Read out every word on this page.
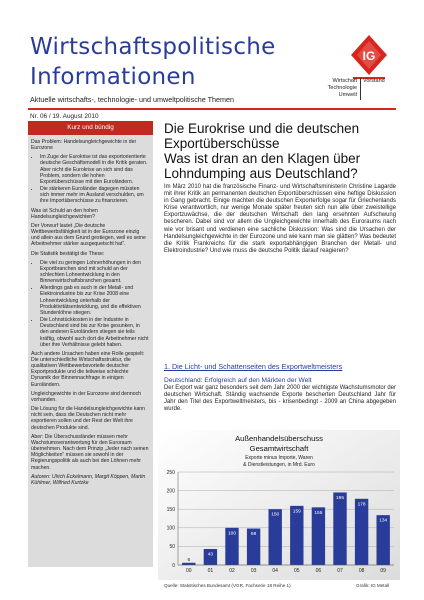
Wirtschaftspolitische
Informationen
Aktuelle wirtschafts-, technologie- und umweltpolitische Themen
IG
Wirtschaft
Technologie
Umwelt
Vorstand
Nr. 06 / 19. August 2010
Kurz und bündig

Das Problem: Handelsungleichgewichte in der Eurozone

• Im Zuge der Eurokrise ist das exportorientierte deutsche Geschäftsmodell in die Kritik geraten. Aber nicht die Eurokrise an sich sind das Problem, sondern die hohen Exportüberschüsse mit den Euroländern.
• Die stärkeren Euroländer dagegen müssten sich immer mehr im Ausland verschulden, um ihre Importüberschüsse zu finanzieren.

Was ist Schuld an den hohen Handelsungleichgewichten?

Der Vorwurf lautet „Die deutsche Wettbewerbsfähigkeit ist in der Eurozone einzig und allein aus dem Grund gestiegen, weil es seine Arbeitnehmer stärker ausgequetscht hat“.

Die Statistik bestätigt die These:

• Die viel zu geringen Lohnerhöhungen in den Exportbranchen sind mit schuld an der schlechten Lohnentwicklung in den Binnenwirtschaftsbranchen gesamt.
• Allerdings gab es auch in der Metall- und Elektroindustrie bis zur Krise 2008 eine Lohnentwicklung unterhalb der Produktivitätsentwicklung, und die effektiven Stundenlöhne stiegen.
• Die Lohnstückkosten in der Industrie in Deutschland sind bis zur Krise gesunken, in den anderen Euroländern stiegen sie teils kräftig, obwohl auch dort die Arbeitnehmer nicht über ihre Verhältnisse gelebt haben.

Auch andere Ursachen haben eine Rolle gespielt: Die unterschiedliche Wirtschaftsstruktur, die qualitativen Wettbewerbsvorteile deutscher Exportprodukte und die teilweise schlechte Dynamik der Binnennachfrage in einigen Euroländern.

Ungleichgewichte in der Eurozone sind dennoch vorhanden.

Die Lösung für die Handelsungleichgewichte kann nicht sein, dass die Deutschen nicht mehr exportieren sollen und der Rest der Welt ihre deutschen Produkte sind.

Aber: Die Überschussländer müssen mehr Wachstumsverantwortung für den Euroraum übernehmen. Nach dem Prinzip „Jeder nach seinen Möglichkeiten“ müssen sie sowohl in der Regierungspolitik als auch bei den Löhnen mehr machen.

Autoren: Ulrich Eckelmann, Margit Köppen, Martin Kühlmer, Wilfried Kurtzke

Die Eurokrise und die deutschen
Exportüberschüsse
Was ist dran an den Klagen über
Lohndumping aus Deutschland?
Im März 2010 hat die französische Finanz- und Wirtschaftsministerin Christine Lagarde mit ihrer Kritik an permanenten deutschen Exportüberschüssen eine heftige Diskussion in Gang gebracht. Einige machten die deutschen Exporterfolge sogar für Griechenlands Krise verantwortlich, nur wenige Monate später freuten sich nun alle über zweistellige Exportzuwächse, die der deutschen Wirtschaft den lang ersehnten Aufschwung bescheren. Dabei sind vor allem die Ungleichgewichte innerhalb des Euroraums nach wie vor brisant und verdienen eine sachliche Diskussion: Was sind die Ursachen der Handelsungleichgewichte in der Eurozone und wie kann man sie glätten? Was bedeutet die Kritik Frankreichs für die stark exportabhängigen Branchen der Metall- und Elektroindustrie? Und wie muss die deutsche Politik darauf reagieren?
1. Die Licht- und Schattenseiten des Exportweltmeisters
Deutschland: Erfolgreich auf den Märkten der Welt
Der Export war ganz besonders seit dem Jahr 2000 der wichtigste Wachstumsmotor der deutschen Wirtschaft. Ständig wachsende Exporte bescherten Deutschland Jahr für Jahr den Titel des Exportweltmeisters, bis - krisenbedingt - 2009 an China abgegeben wurde.
Außenhandelsüberschuss
Gesamtwirtschaft
Exporte minus Importe, Waren
& Dienstleistungen, in Mrd. Euro
0
50
100
150
200
250
6
43
100	98
150
159	155
195
178
134
00	01	02	03	04	05	06	07	08	09
Quelle: Statistisches Bundesamt (VGR, Fachserie 18 Reihe 1)	Grafik: IG Metall
